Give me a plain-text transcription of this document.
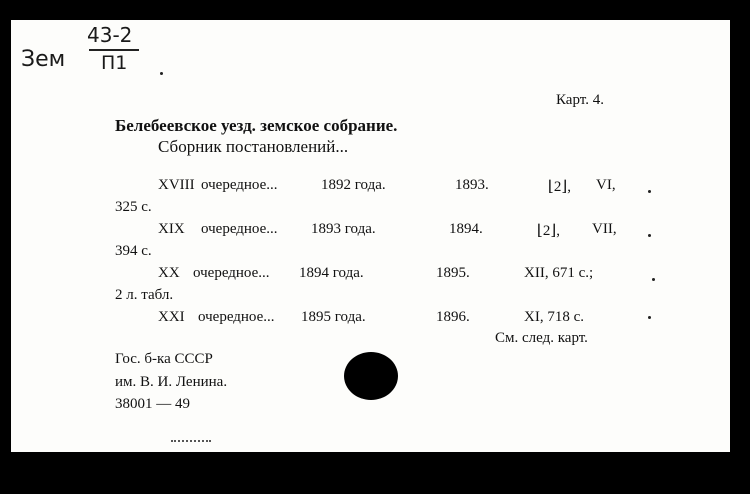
Зем
43-2
П1
Карт. 4.
Белебеевское уезд. земское собрание.
Сборник постановлений...
XVIII очередное...	1892 года.	1893.	⌊2⌋, VI,
325 с.
XIX очередное... 1893 года.	1894.	⌊2⌋, VII,
394 с.
XX очередное... 1894 года.	1895.	XII, 671 с.;
2 л. табл.
XXI очередное... 1895 года.	1896.	XI, 718 с.
См. след. карт.
Гос. б-ка СССР
им. В. И. Ленина.
38001 — 49
